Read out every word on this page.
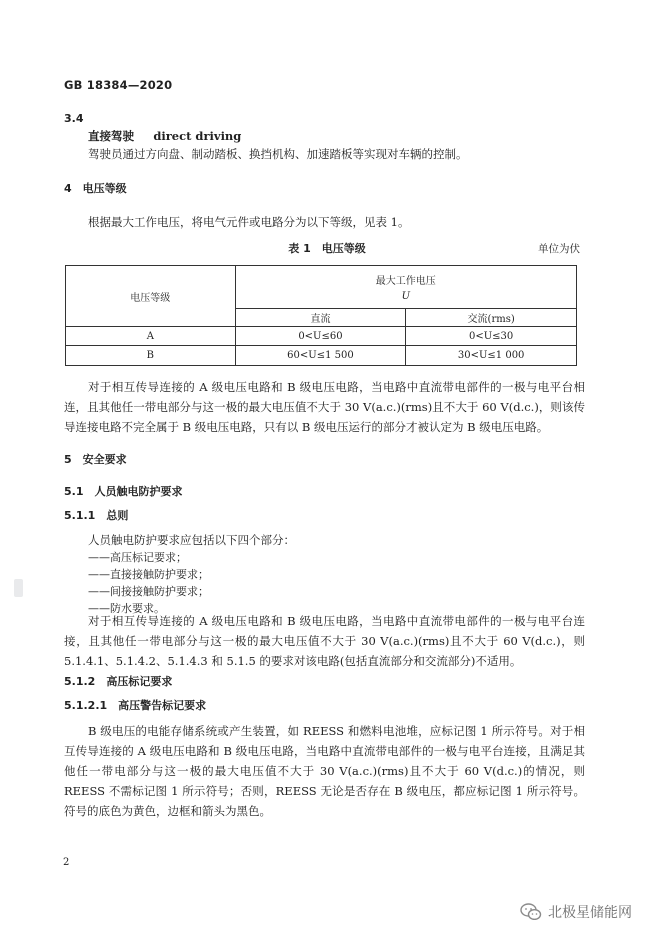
GB 18384—2020
3.4
直接驾驶 direct driving
驾驶员通过方向盘、制动踏板、换挡机构、加速踏板等实现对车辆的控制。
4　电压等级
根据最大工作电压，将电气元件或电路分为以下等级，见表 1。
表 1　电压等级	单位为伏
电压等级	最大工作电压
U	

	直流	交流(rms)
A	0<U≤60	0<U≤30
B	60<U≤1 500	30<U≤1 000
对于相互传导连接的 A 级电压电路和 B 级电压电路，当电路中直流带电部件的一极与电平台相连，且其他任一带电部分与这一极的最大电压值不大于 30 V(a.c.)(rms)且不大于 60 V(d.c.)，则该传导连接电路不完全属于 B 级电压电路，只有以 B 级电压运行的部分才被认定为 B 级电压电路。
5　安全要求
5.1　人员触电防护要求
5.1.1　总则
人员触电防护要求应包括以下四个部分：
——高压标记要求；
——直接接触防护要求；
——间接接触防护要求；
——防水要求。
对于相互传导连接的 A 级电压电路和 B 级电压电路，当电路中直流带电部件的一极与电平台连接，且其他任一带电部分与这一极的最大电压值不大于 30 V(a.c.)(rms)且不大于 60 V(d.c.)，则 5.1.4.1、5.1.4.2、5.1.4.3 和 5.1.5 的要求对该电路(包括直流部分和交流部分)不适用。
5.1.2　高压标记要求
5.1.2.1　高压警告标记要求
B 级电压的电能存储系统或产生装置，如 REESS 和燃料电池堆，应标记图 1 所示符号。对于相互传导连接的 A 级电压电路和 B 级电压电路，当电路中直流带电部件的一极与电平台连接，且满足其他任一带电部分与这一极的最大电压值不大于 30 V(a.c.)(rms)且不大于 60 V(d.c.)的情况，则 REESS 不需标记图 1 所示符号；否则，REESS 无论是否存在 B 级电压，都应标记图 1 所示符号。符号的底色为黄色，边框和箭头为黑色。
2
北极星储能网
